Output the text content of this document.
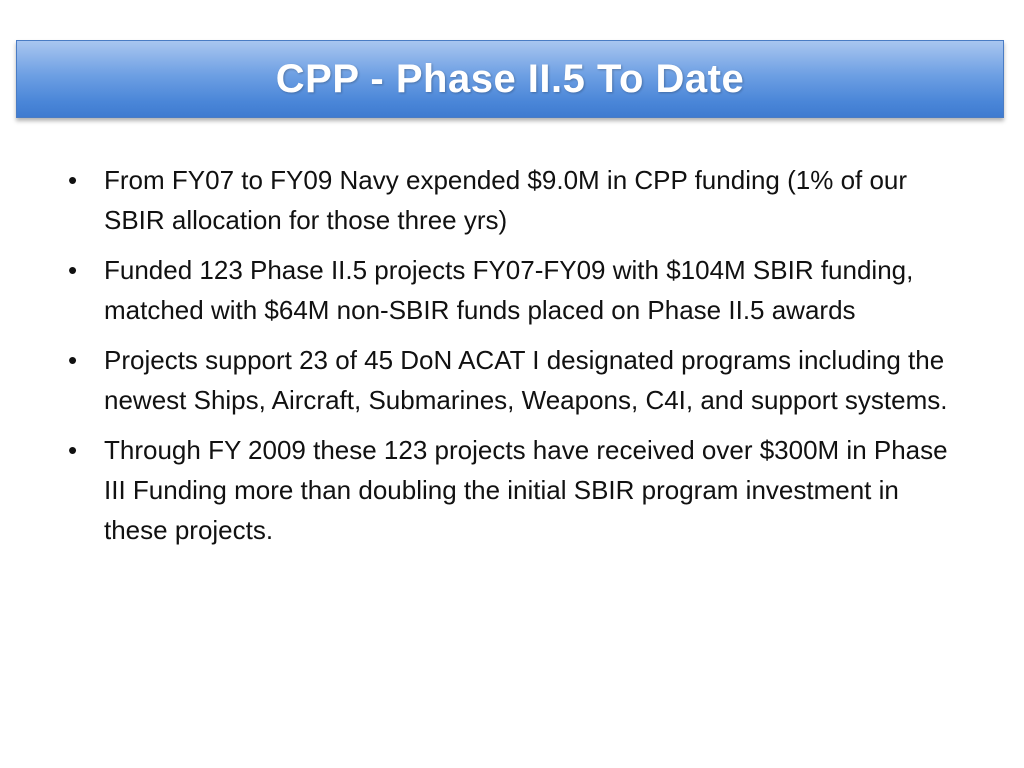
CPP - Phase II.5 To Date
• From FY07 to FY09 Navy expended $9.0M in CPP funding (1% of our SBIR allocation for those three yrs)
• Funded 123 Phase II.5 projects FY07-FY09 with $104M SBIR funding, matched with $64M non-SBIR funds placed on Phase II.5 awards
• Projects support 23 of 45 DoN ACAT I designated programs including the newest Ships, Aircraft, Submarines, Weapons, C4I, and support systems.
• Through FY 2009 these 123 projects have received over $300M in Phase III Funding more than doubling the initial SBIR program investment in these projects.
